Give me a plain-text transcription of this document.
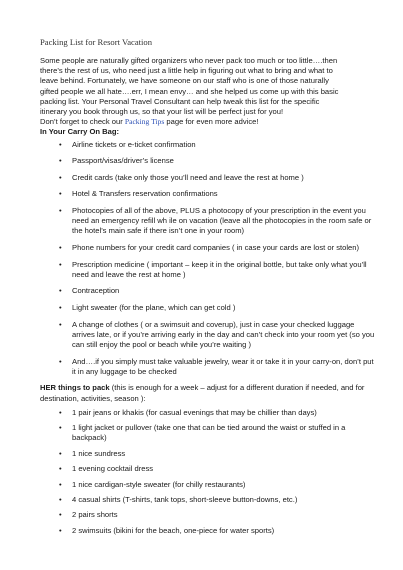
Packing List for Resort Vacation

Some people are naturally gifted organizers who never pack too much or too little….then
there’s the rest of us, who need just a little help in figuring out what to bring and what to
leave behind. Fortunately, we have someone on our staff who is one of those naturally
gifted people we all hate….err, I mean envy… and she helped us come up with this basic
packing list. Your Personal Travel Consultant can help tweak this list for the specific
itinerary you book through us, so that your list will be perfect just for you!
Don’t forget to check our Packing Tips page for even more advice!

In Your Carry On Bag:

• Airline tickets or e-ticket confirmation
• Passport/visas/driver’s license
• Credit cards (take only those you’ll need and leave the rest at home )
• Hotel & Transfers reservation confirmations
• Photocopies of all of the above, PLUS a photocopy of your prescription in the event you need an emergency refill wh ile on vacation (leave all the photocopies in the room safe or the hotel’s main safe if there isn’t one in your room)
• Phone numbers for your credit card companies ( in case your cards are lost or stolen)
• Prescription medicine ( important – keep it in the original bottle, but take only what you’ll need and leave the rest at home )
• Contraception
• Light sweater (for the plane, which can get cold )
• A change of clothes ( or a swimsuit and coverup), just in case your checked luggage arrives late, or if you’re arriving early in the day and can’t check into your room yet (so you can still enjoy the pool or beach while you’re waiting )
• And….if you simply must take valuable jewelry, wear it or take it in your carry-on, don’t put it in any luggage to be checked

HER things to pack (this is enough for a week – adjust for a different duration if needed, and for destination, activities, season ):

• 1 pair jeans or khakis (for casual evenings that may be chillier than days)
• 1 light jacket or pullover (take one that can be tied around the waist or stuffed in a backpack)
• 1 nice sundress
• 1 evening cocktail dress
• 1 nice cardigan-style sweater (for chilly restaurants)
• 4 casual shirts (T-shirts, tank tops, short-sleeve button-downs, etc.)
• 2 pairs shorts
• 2 swimsuits (bikini for the beach, one-piece for water sports)
